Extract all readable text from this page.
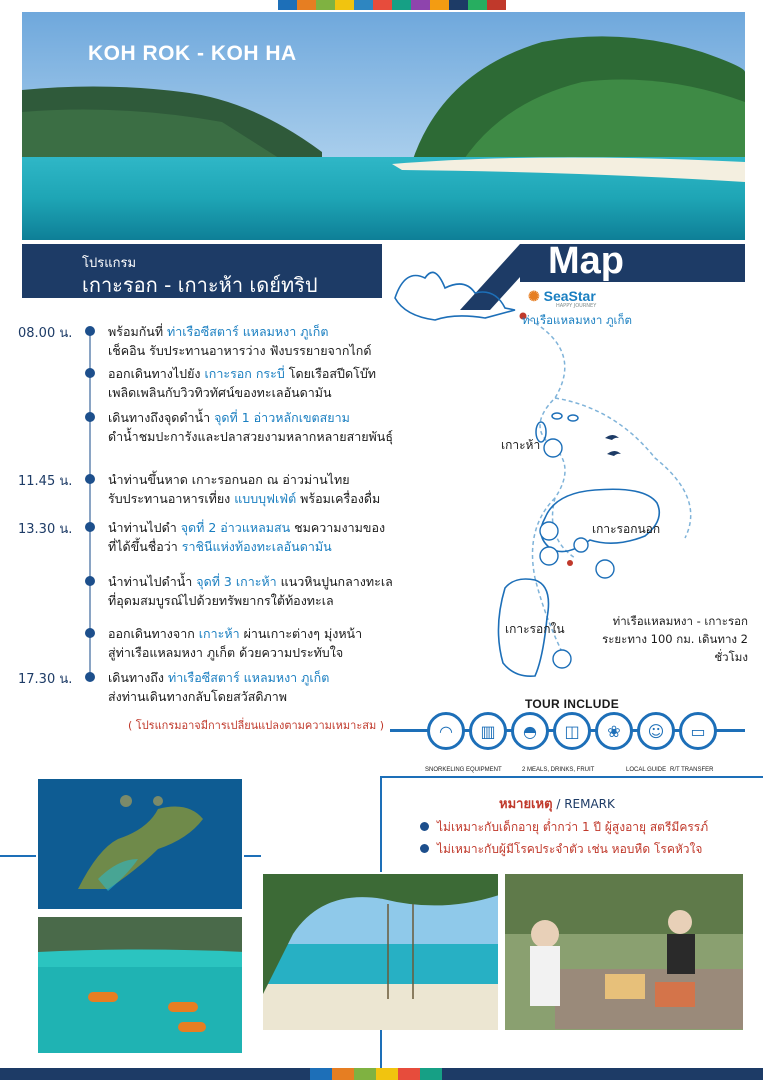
KOH ROK - KOH HA
โปรแกรม
เกาะรอก - เกาะห้า เดย์ทริป
Map
08.00 น.	พร้อมกันที่ ท่าเรือซีสตาร์ แหลมหงา ภูเก็ต
เช็คอิน รับประทานอาหารว่าง ฟังบรรยายจากไกด์
ออกเดินทางไปยัง เกาะรอก กระบี่ โดยเรือสปีดโบ๊ท
เพลิดเพลินกับวิวทิวทัศน์ของทะเลอันดามัน
เดินทางถึงจุดดำน้ำ จุดที่ 1 อ่าวหลักเขตสยาม
ดำน้ำชมปะการังและปลาสวยงามหลากหลายสายพันธุ์
11.45 น.	นำท่านขึ้นหาด เกาะรอกนอก ณ อ่าวม่านไทย
รับประทานอาหารเที่ยง แบบบุฟเฟ่ต์ พร้อมเครื่องดื่ม
13.30 น.	นำท่านไปดำ จุดที่ 2 อ่าวแหลมสน ชมความงามของ
ที่ได้ขึ้นชื่อว่า ราชินีแห่งท้องทะเลอันดามัน
นำท่านไปดำน้ำ จุดที่ 3 เกาะห้า แนวหินปูนกลางทะเล
ที่อุดมสมบูรณ์ไปด้วยทรัพยากรใต้ท้องทะเล
ออกเดินทางจาก เกาะห้า ผ่านเกาะต่างๆ มุ่งหน้า
สู่ท่าเรือแหลมหงา ภูเก็ต ด้วยความประทับใจ
17.30 น.	เดินทางถึง ท่าเรือซีสตาร์ แหลมหงา ภูเก็ต
ส่งท่านเดินทางกลับโดยสวัสดิภาพ
( โปรแกรมอาจมีการเปลี่ยนแปลงตามความเหมาะสม )
✺ SeaStar
HAPPY JOURNEY
ท่าเรือแหลมหงา ภูเก็ต
เกาะห้า
เกาะรอกนอก
เกาะรอกใน
ท่าเรือแหลมหงา - เกาะรอก
ระยะทาง 100 กม. เดินทาง 2 ชั่วโมง
TOUR INCLUDE
◠	▥	◓	◫	❀	☺	▭
SNORKELING EQUIPMENT	2 MEALS, DRINKS, FRUIT	LOCAL GUIDE R/T TRANSFER
หมายเหตุ / REMARK
ไม่เหมาะกับเด็กอายุ ต่ำกว่า 1 ปี ผู้สูงอายุ สตรีมีครรภ์
ไม่เหมาะกับผู้มีโรคประจำตัว เช่น หอบหืด โรคหัวใจ
